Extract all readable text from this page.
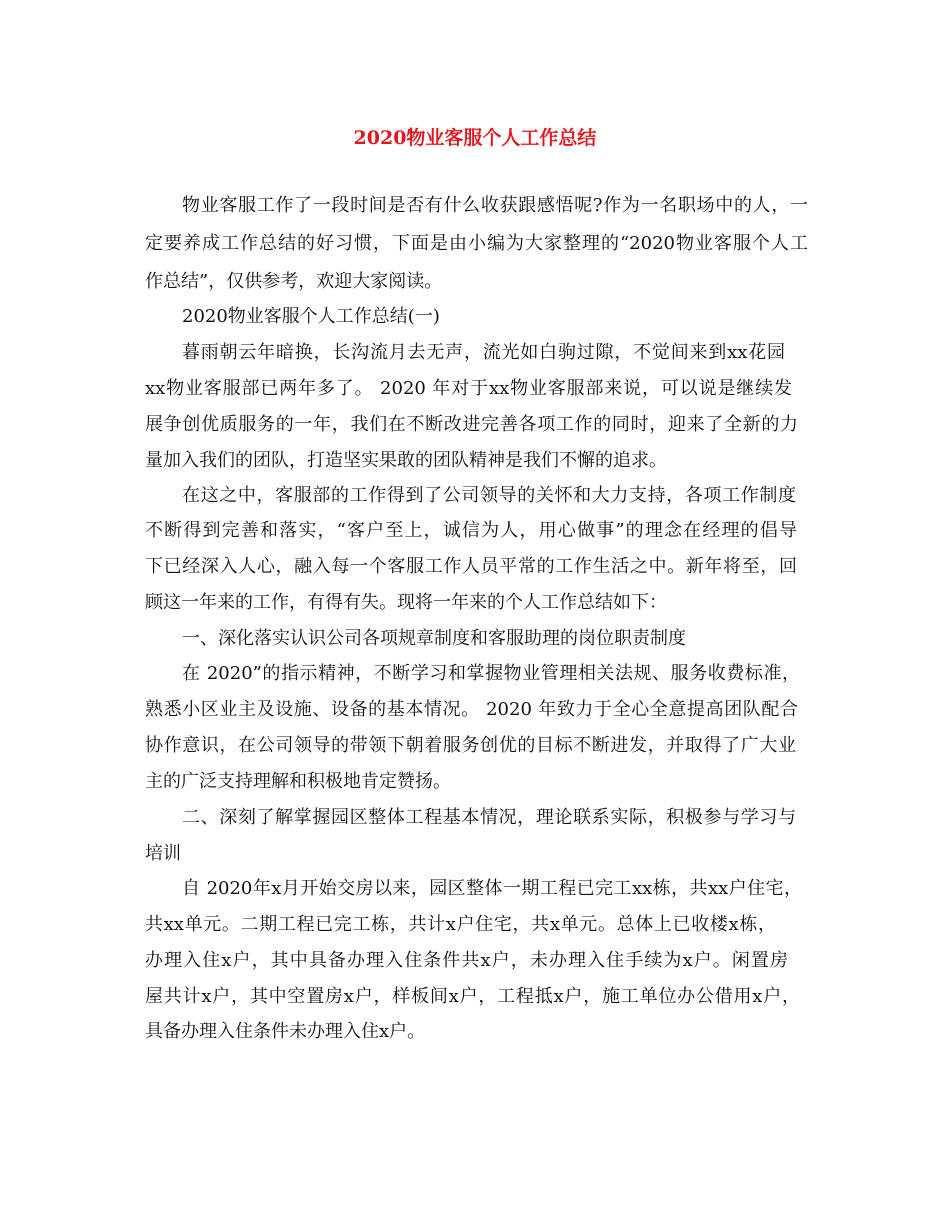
2020物业客服个人工作总结
物业客服工作了一段时间是否有什么收获跟感悟呢?作为一名职场中的人，一
定要养成工作总结的好习惯，下面是由小编为大家整理的“2020物业客服个人工
作总结”，仅供参考，欢迎大家阅读。
2020物业客服个人工作总结(一)
暮雨朝云年暗换，长沟流月去无声，流光如白驹过隙，不觉间来到xx花园
xx物业客服部已两年多了。 2020 年对于xx物业客服部来说，可以说是继续发
展争创优质服务的一年，我们在不断改进完善各项工作的同时，迎来了全新的力
量加入我们的团队，打造坚实果敢的团队精神是我们不懈的追求。
在这之中，客服部的工作得到了公司领导的关怀和大力支持，各项工作制度
不断得到完善和落实，“客户至上，诚信为人，用心做事”的理念在经理的倡导
下已经深入人心，融入每一个客服工作人员平常的工作生活之中。新年将至，回
顾这一年来的工作，有得有失。现将一年来的个人工作总结如下：
一、深化落实认识公司各项规章制度和客服助理的岗位职责制度
在 2020”的指示精神，不断学习和掌握物业管理相关法规、服务收费标准，
熟悉小区业主及设施、设备的基本情况。 2020 年致力于全心全意提高团队配合
协作意识，在公司领导的带领下朝着服务创优的目标不断进发，并取得了广大业
主的广泛支持理解和积极地肯定赞扬。
二、深刻了解掌握园区整体工程基本情况，理论联系实际，积极参与学习与
培训
自 2020年x月开始交房以来，园区整体一期工程已完工xx栋，共xx户住宅，
共xx单元。二期工程已完工栋，共计x户住宅，共x单元。总体上已收楼x栋，
办理入住x户，其中具备办理入住条件共x户，未办理入住手续为x户。闲置房
屋共计x户，其中空置房x户，样板间x户，工程抵x户，施工单位办公借用x户，
具备办理入住条件未办理入住x户。
